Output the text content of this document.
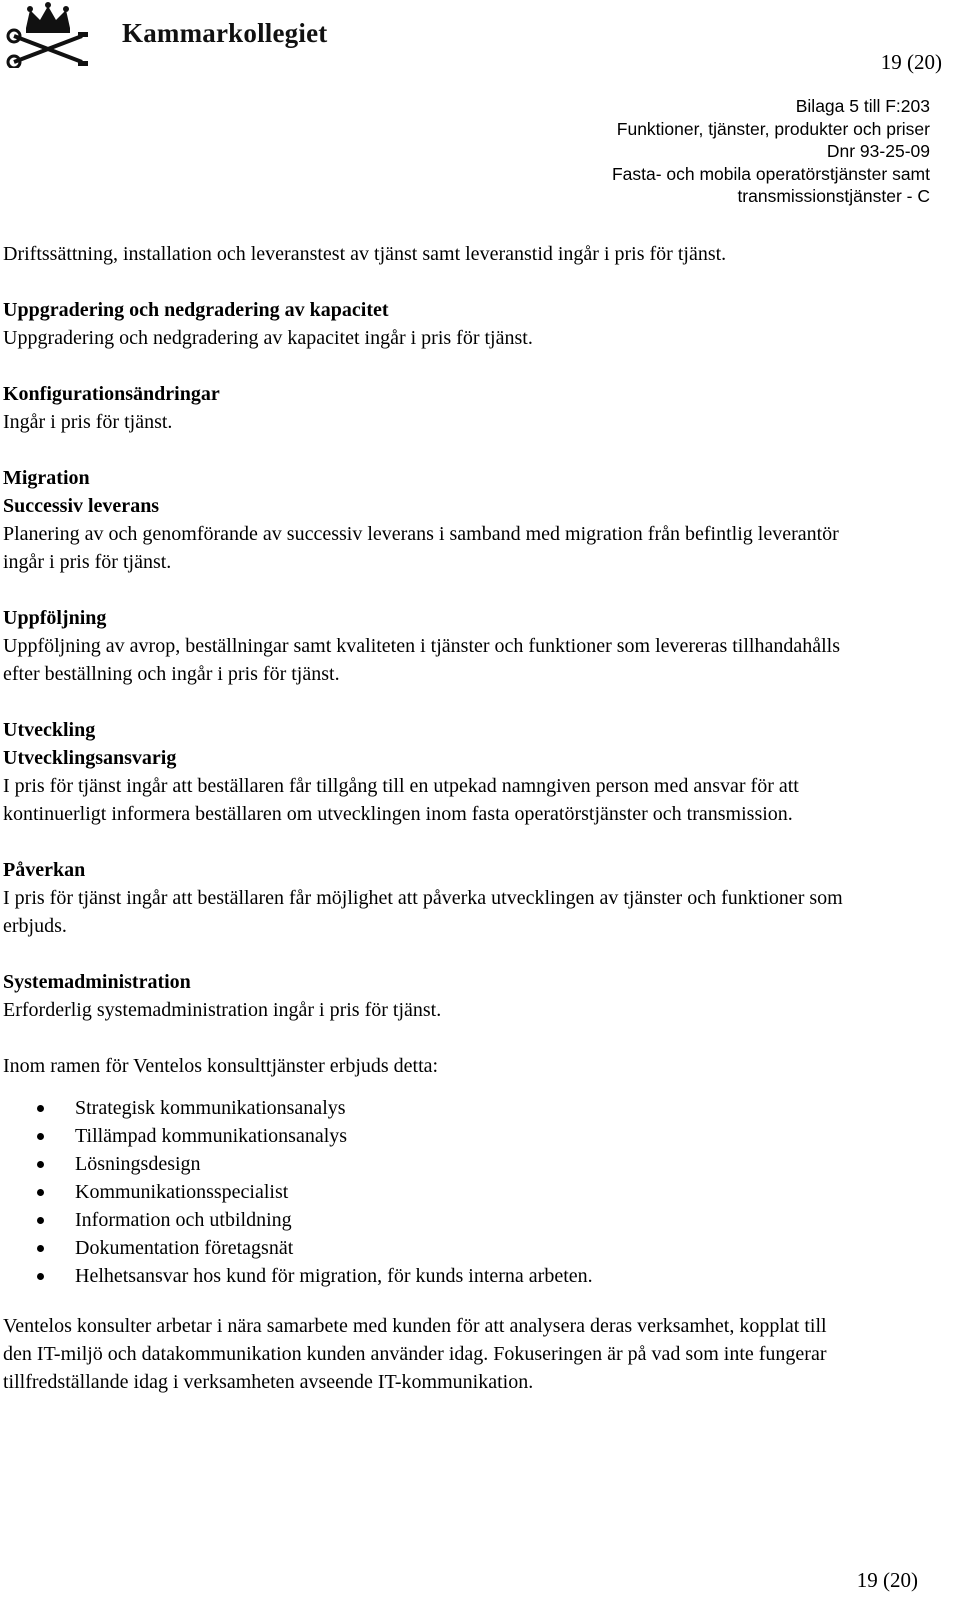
Kammarkollegiet
19 (20)
Bilaga 5 till F:203
Funktioner, tjänster, produkter och priser
Dnr 93-25-09
Fasta- och mobila operatörstjänster samt
transmissionstjänster - C

Driftssättning, installation och leveranstest av tjänst samt leveranstid ingår i pris för tjänst.

Uppgradering och nedgradering av kapacitet
Uppgradering och nedgradering av kapacitet ingår i pris för tjänst.

Konfigurationsändringar
Ingår i pris för tjänst.

Migration
Successiv leverans
Planering av och genomförande av successiv leverans i samband med migration från befintlig leverantör ingår i pris för tjänst.

Uppföljning
Uppföljning av avrop, beställningar samt kvaliteten i tjänster och funktioner som levereras tillhandahålls efter beställning och ingår i pris för tjänst.

Utveckling
Utvecklingsansvarig
I pris för tjänst ingår att beställaren får tillgång till en utpekad namngiven person med ansvar för att kontinuerligt informera beställaren om utvecklingen inom fasta operatörstjänster och transmission.

Påverkan
I pris för tjänst ingår att beställaren får möjlighet att påverka utvecklingen av tjänster och funktioner som erbjuds.

Systemadministration
Erforderlig systemadministration ingår i pris för tjänst.

Inom ramen för Ventelos konsulttjänster erbjuds detta:

Strategisk kommunikationsanalys
Tillämpad kommunikationsanalys
Lösningsdesign
Kommunikationsspecialist
Information och utbildning
Dokumentation företagsnät
Helhetsansvar hos kund för migration, för kunds interna arbeten.

Ventelos konsulter arbetar i nära samarbete med kunden för att analysera deras verksamhet, kopplat till den IT-miljö och datakommunikation kunden använder idag. Fokuseringen är på vad som inte fungerar tillfredställande idag i verksamheten avseende IT-kommunikation.

19 (20)
